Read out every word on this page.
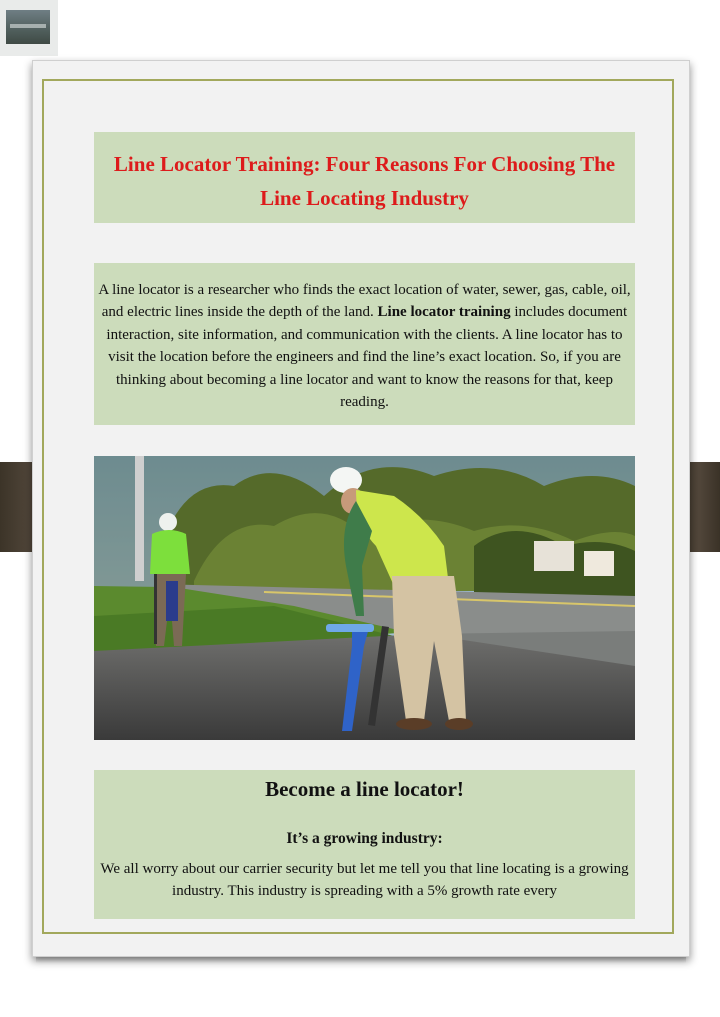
Line Locator Training: Four Reasons For Choosing The Line Locating Industry

A line locator is a researcher who finds the exact location of water, sewer, gas, cable, oil, and electric lines inside the depth of the land. Line locator training includes document interaction, site information, and communication with the clients. A line locator has to visit the location before the engineers and find the line’s exact location. So, if you are thinking about becoming a line locator and want to know the reasons for that, keep reading.

Become a line locator!
It’s a growing industry:

We all worry about our carrier security but let me tell you that line locating is a growing industry. This industry is spreading with a 5% growth rate every
